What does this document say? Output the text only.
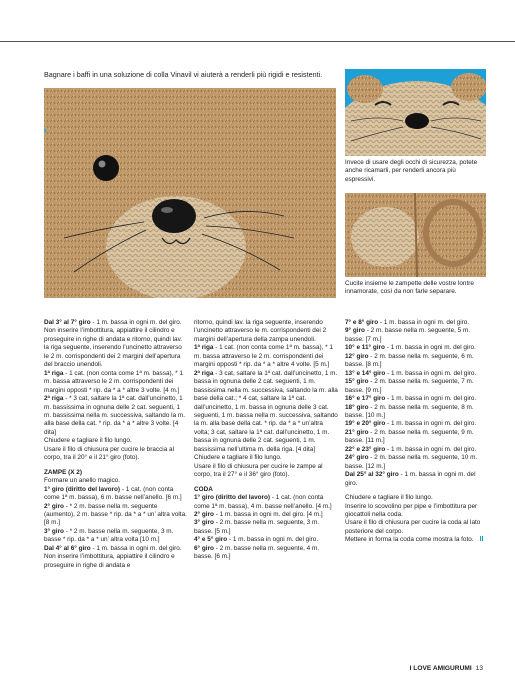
Bagnare i baffi in una soluzione di colla Vinavil vi aiuterà a renderli più rigidi e resistenti.

Invece di usare degli occhi di sicurezza, potete anche ricamarli, per renderli ancora più espressivi.

Cucite insieme le zampette delle vostre lontre innamorate, così da non farle separare.

Dal 3° al 7° giro - 1 m. bassa in ogni m. del giro.

Non inserire l’imbottitura, appiattire il cilindro e proseguire in righe di andata e ritorno, quindi lav. la riga seguente, inserendo l’uncinetto attraverso le 2 m. corrispondenti dei 2 margini dell’apertura del braccio unendoli.

1ª riga - 1 cat. (non conta come 1ª m. bassa), * 1 m. bassa attraverso le 2 m. corrispondenti dei margini opposti * rip. da * a * altre 3 volte. [4 m.]

2ª riga - * 3 cat, saltare la 1ª cat. dall’uncinetto, 1 m. bassissima in ognuna delle 2 cat. seguenti, 1 m. bassissima nella m. successiva, saltando la m. alla base della cat. * rip. da * a * altre 3 volte. [4 dita]

Chiudere e tagliare il filo lungo.

Usare il filo di chiusura per cucire le braccia al corpo, tra il 20° e il 21° giro (foto).

ZAMPE (X 2)

Formare un anello magico.

1° giro (diritto del lavoro) - 1 cat. (non conta come 1ª m. bassa), 6 m. basse nell’anello. [6 m.]

2° giro - * 2 m. basse nella m. seguente (aumento), 2 m. basse * rip. da * a * un’ altra volta. [8 m.]

3° giro - * 2 m. basse nella m. seguente, 3 m. basse * rip. da * a * un’ altra volta [10 m.]

Dal 4° al 6° giro - 1 m. bassa in ogni m. del giro.

Non inserire l’imbottitura, appiattire il cilindro e proseguire in righe di andata e

ritorno, quindi lav. la riga seguente, inserendo l’uncinetto attraverso le m. corrispondenti dei 2 margini dell’apertura della zampa unendoli.

1ª riga - 1 cat. (non conta come 1ª m. bassa), * 1 m. bassa attraverso le 2 m. corrispondenti dei margini opposti * rip. da * a * altre 4 volte. [5 m.]

2ª riga - 3 cat, saltare la 1ª cat. dall’uncinetto, 1 m. bassa in ognuna delle 2 cat. seguenti, 1 m. bassissima nella m. successiva, saltando la m. alla base della cat.; * 4 cat, saltare la 1ª cat. dall’uncinetto, 1 m. bassa in ognuna delle 3 cat. seguenti, 1 m. bassa nella m. successiva, saltando la m. alla base della cat. * rip. da * a * un’altra volta; 3 cat, saltare la 1ª cat. dall’uncinetto, 1 m. bassa in ognuna delle 2 cat. seguenti, 1 m. bassissima nell’ultima m. della riga. [4 dita]

Chiudere e tagliare il filo lungo.

Usare il filo di chiusura per cucire le zampe al corpo, tra il 27° e il 36° giro (foto).

CODA

1° giro (diritto del lavoro) - 1 cat. (non conta come 1ª m. bassa), 4 m. basse nell’anello. [4 m.]

2° giro - 1 m. bassa in ogni m. del giro. [4 m.]

3° giro - 2 m. basse nella m. seguente, 3 m. basse. [5 m.]

4° e 5° giro - 1 m. bassa in ogni m. del giro.

6° giro - 2 m. basse nella m. seguente, 4 m. basse. [6 m.]

7° e 8° giro - 1 m. bassa in ogni m. del giro.

9° giro - 2 m. basse nella m. seguente, 5 m. basse. [7 m.]

10° e 11° giro - 1 m. bassa in ogni m. del giro.

12° giro - 2 m. basse nella m. seguente, 6 m. basse. [8 m.]

13° e 14° giro - 1 m. bassa in ogni m. del giro.

15° giro - 2 m. basse nella m. seguente, 7 m. basse. [9 m.]

16° e 17° giro - 1 m. bassa in ogni m. del giro.

18° giro - 2 m. basse nella m. seguente, 8 m. basse. [10 m.]

19° e 20° giro - 1 m. bassa in ogni m. del giro.

21° giro - 2 m. basse nella m. seguente, 9 m. basse. [11 m.]

22° e 23° giro - 1 m. bassa in ogni m. del giro.

24° giro - 2 m. basse nella m. seguente, 10 m. basse. [12 m.]

Dal 25° al 32° giro - 1 m. bassa in ogni m. del giro.

Chiudere e tagliare il filo lungo.

Inserire lo scovolino per pipe e l’imbottitura per giocattoli nella coda.

Usare il filo di chiusura per cucire la coda al lato posteriore del corpo.

Mettere in forma la coda come mostra la foto. II

I LOVE AMIGURUMI 13
